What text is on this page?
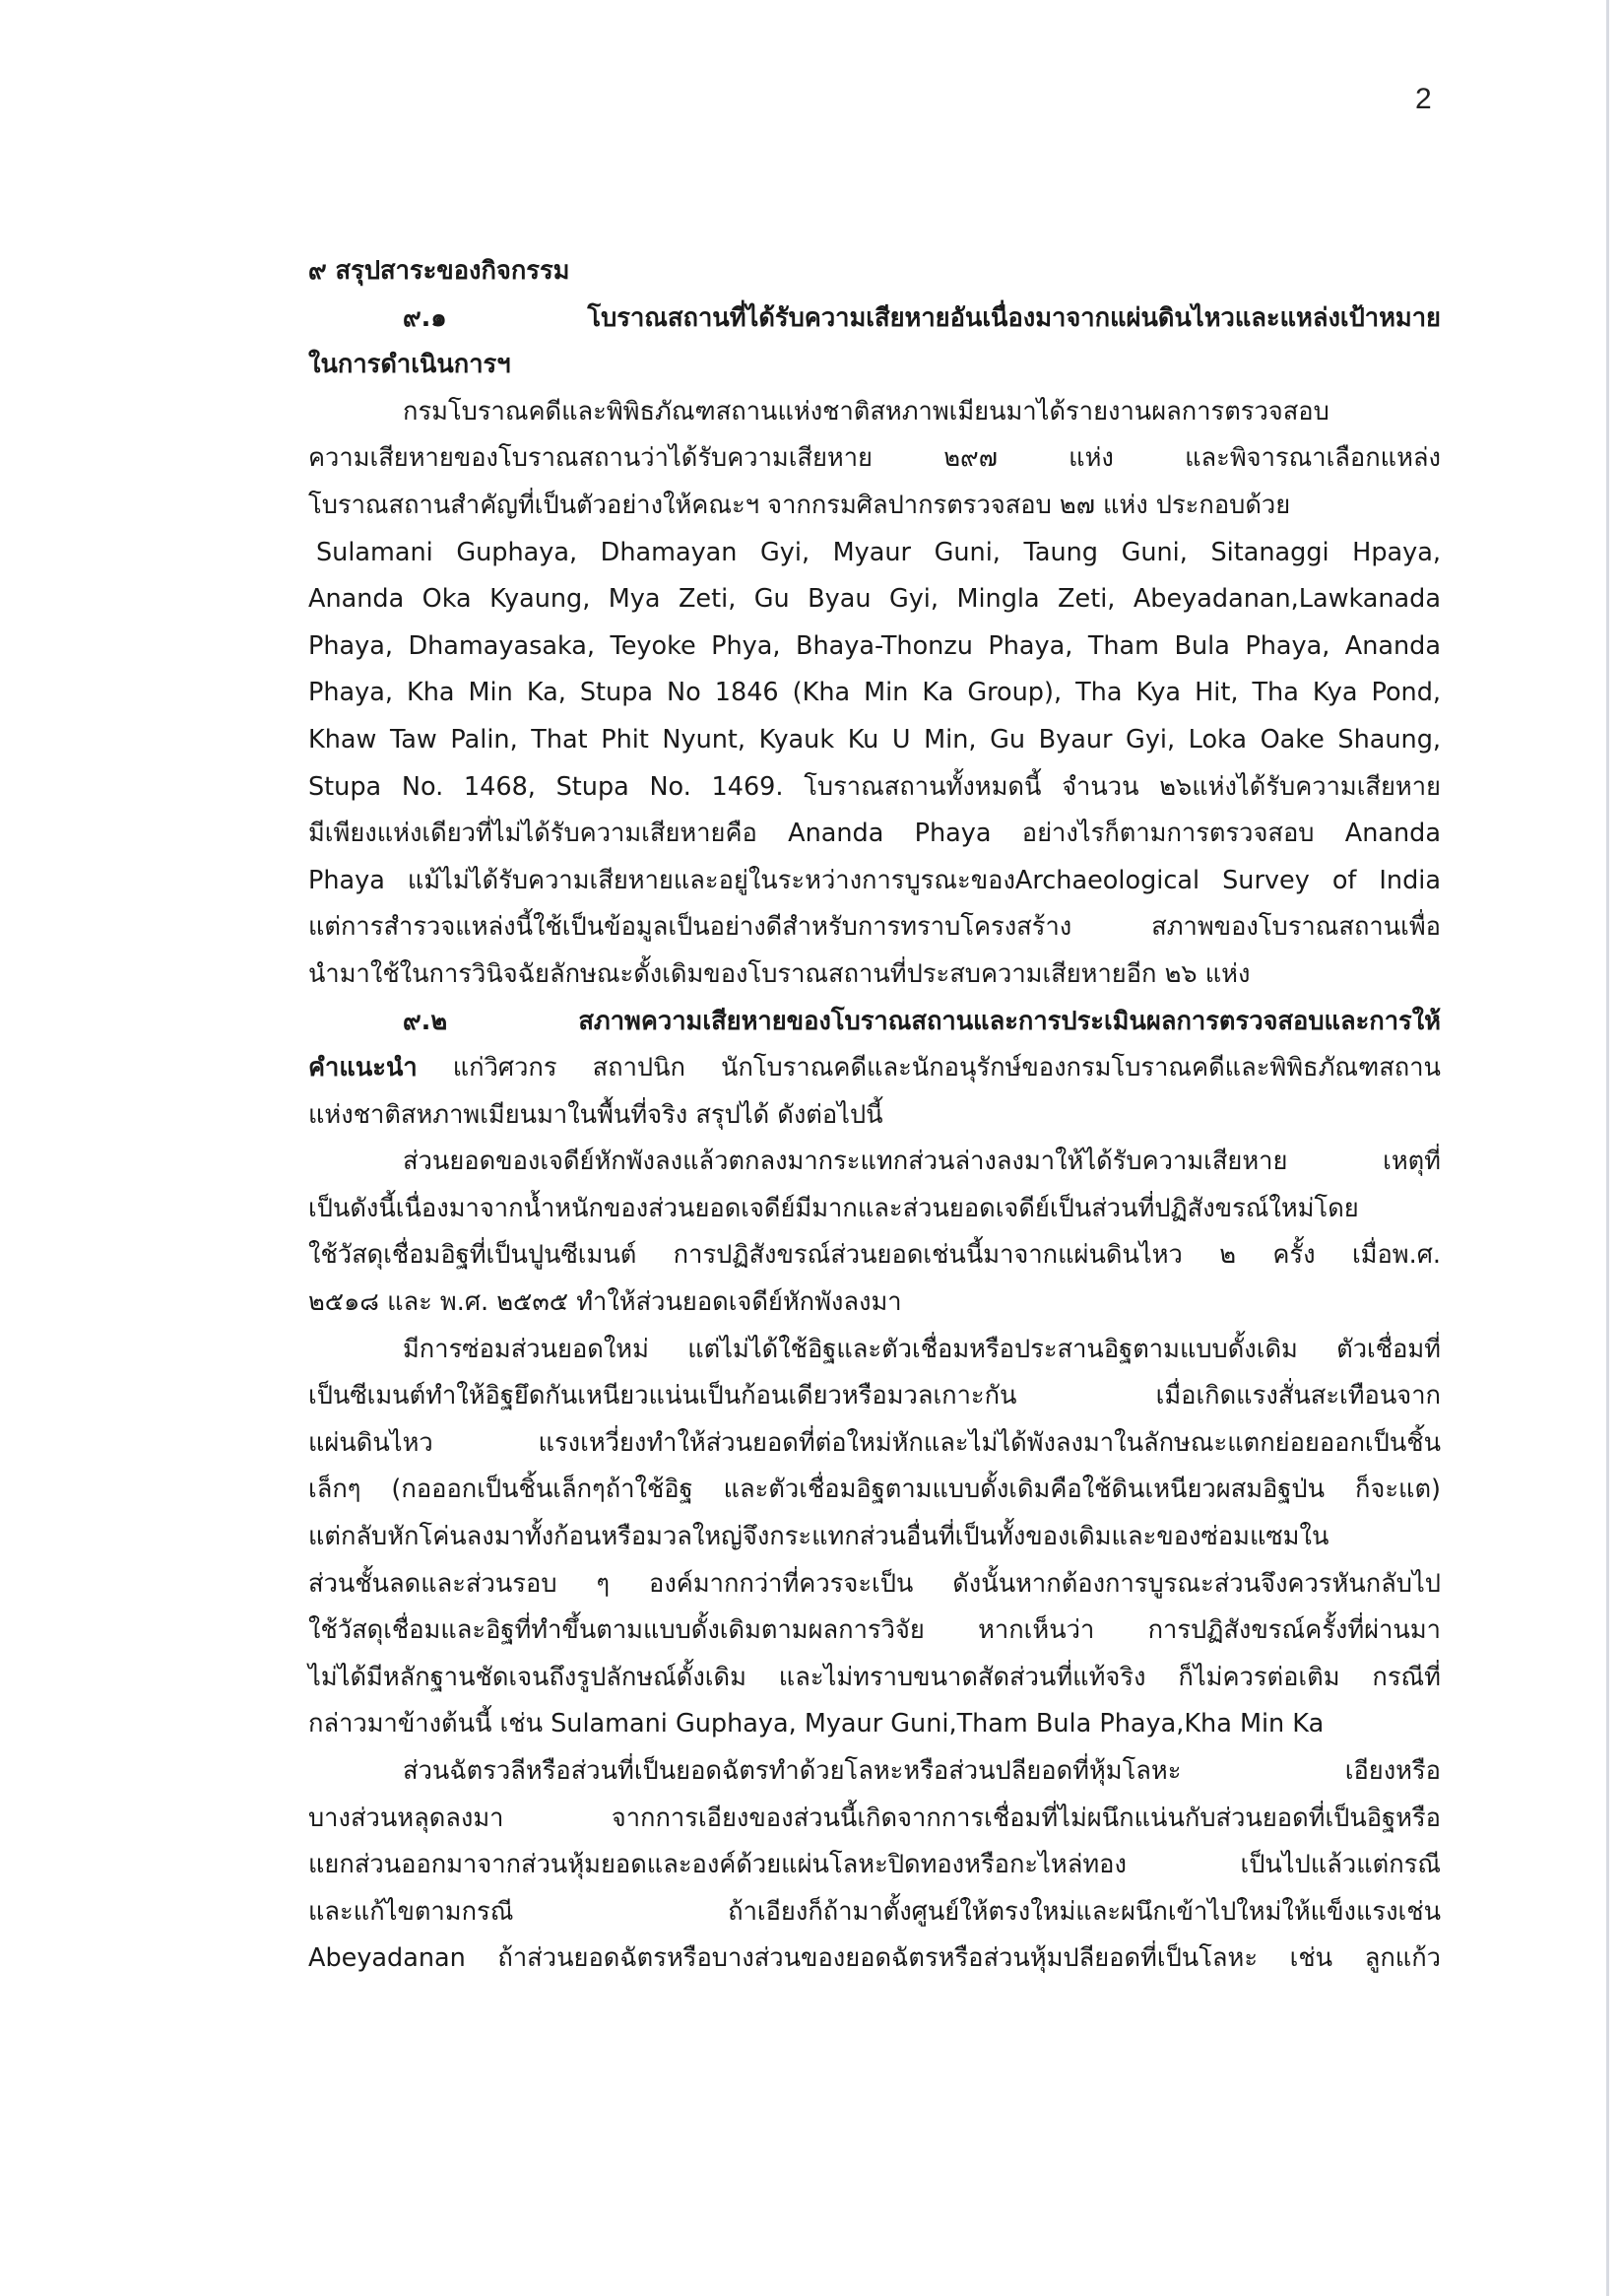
2
๙ สรุปสาระของกิจกรรม
๙.๑ โบราณสถานที่ได้รับความเสียหายอันเนื่องมาจากแผ่นดินไหวและแหล่งเป้าหมาย
ในการดำเนินการฯ
กรมโบราณคดีและพิพิธภัณฑสถานแห่งชาติสหภาพเมียนมาได้รายงานผลการตรวจสอบ
ความเสียหายของโบราณสถานว่าได้รับความเสียหาย ๒๙๗ แห่ง และพิจารณาเลือกแหล่ง
โบราณสถานสำคัญที่เป็นตัวอย่างให้คณะฯ จากกรมศิลปากรตรวจสอบ ๒๗ แห่ง ประกอบด้วย
Sulamani Guphaya, Dhamayan Gyi, Myaur Guni, Taung Guni, Sitanaggi Hpaya,
Ananda Oka Kyaung, Mya Zeti, Gu Byau Gyi, Mingla Zeti, Abeyadanan,Lawkanada
Phaya, Dhamayasaka, Teyoke Phya, Bhaya-Thonzu Phaya, Tham Bula Phaya, Ananda
Phaya, Kha Min Ka, Stupa No 1846 (Kha Min Ka Group), Tha Kya Hit, Tha Kya Pond,
Khaw Taw Palin, That Phit Nyunt, Kyauk Ku U Min, Gu Byaur Gyi, Loka Oake Shaung,
Stupa No. 1468, Stupa No. 1469. โบราณสถานทั้งหมดนี้ จำนวน ๒๖แห่งได้รับความเสียหาย
มีเพียงแห่งเดียวที่ไม่ได้รับความเสียหายคือ Ananda Phaya อย่างไรก็ตามการตรวจสอบ Ananda
Phaya แม้ไม่ได้รับความเสียหายและอยู่ในระหว่างการบูรณะของArchaeological Survey of India
แต่การสำรวจแหล่งนี้ใช้เป็นข้อมูลเป็นอย่างดีสำหรับการทราบโครงสร้าง สภาพของโบราณสถานเพื่อ
นำมาใช้ในการวินิจฉัยลักษณะดั้งเดิมของโบราณสถานที่ประสบความเสียหายอีก ๒๖ แห่ง
๙.๒ สภาพความเสียหายของโบราณสถานและการประเมินผลการตรวจสอบและการให้
คำแนะนำ แก่วิศวกร สถาปนิก นักโบราณคดีและนักอนุรักษ์ของกรมโบราณคดีและพิพิธภัณฑสถาน
แห่งชาติสหภาพเมียนมาในพื้นที่จริง สรุปได้ ดังต่อไปนี้
ส่วนยอดของเจดีย์หักพังลงแล้วตกลงมากระแทกส่วนล่างลงมาให้ได้รับความเสียหาย เหตุที่
เป็นดังนี้เนื่องมาจากน้ำหนักของส่วนยอดเจดีย์มีมากและส่วนยอดเจดีย์เป็นส่วนที่ปฏิสังขรณ์ใหม่โดย
ใช้วัสดุเชื่อมอิฐที่เป็นปูนซีเมนต์ การปฏิสังขรณ์ส่วนยอดเช่นนี้มาจากแผ่นดินไหว ๒ ครั้ง เมื่อพ.ศ.
๒๕๑๘ และ พ.ศ. ๒๕๓๕ ทำให้ส่วนยอดเจดีย์หักพังลงมา
มีการซ่อมส่วนยอดใหม่ แต่ไม่ได้ใช้อิฐและตัวเชื่อมหรือประสานอิฐตามแบบดั้งเดิม ตัวเชื่อมที่
เป็นซีเมนต์ทำให้อิฐยึดกันเหนียวแน่นเป็นก้อนเดียวหรือมวลเกาะกัน เมื่อเกิดแรงสั่นสะเทือนจาก
แผ่นดินไหว แรงเหวี่ยงทำให้ส่วนยอดที่ต่อใหม่หักและไม่ได้พังลงมาในลักษณะแตกย่อยออกเป็นชิ้น
เล็กๆ (กอออกเป็นชิ้นเล็กๆถ้าใช้อิฐ และตัวเชื่อมอิฐตามแบบดั้งเดิมคือใช้ดินเหนียวผสมอิฐป่น ก็จะแต)
แต่กลับหักโค่นลงมาทั้งก้อนหรือมวลใหญ่จึงกระแทกส่วนอื่นที่เป็นทั้งของเดิมและของซ่อมแซมใน
ส่วนชั้นลดและส่วนรอบ ๆ องค์มากกว่าที่ควรจะเป็น ดังนั้นหากต้องการบูรณะส่วนจึงควรหันกลับไป
ใช้วัสดุเชื่อมและอิฐที่ทำขึ้นตามแบบดั้งเดิมตามผลการวิจัย หากเห็นว่า การปฏิสังขรณ์ครั้งที่ผ่านมา
ไม่ได้มีหลักฐานชัดเจนถึงรูปลักษณ์ดั้งเดิม และไม่ทราบขนาดสัดส่วนที่แท้จริง ก็ไม่ควรต่อเติม กรณีที่
กล่าวมาข้างต้นนี้ เช่น Sulamani Guphaya, Myaur Guni,Tham Bula Phaya,Kha Min Ka
ส่วนฉัตรวลีหรือส่วนที่เป็นยอดฉัตรทำด้วยโลหะหรือส่วนปลียอดที่หุ้มโลหะ เอียงหรือ
บางส่วนหลุดลงมา จากการเอียงของส่วนนี้เกิดจากการเชื่อมที่ไม่ผนึกแน่นกับส่วนยอดที่เป็นอิฐหรือ
แยกส่วนออกมาจากส่วนหุ้มยอดและองค์ด้วยแผ่นโลหะปิดทองหรือกะไหล่ทอง เป็นไปแล้วแต่กรณี
และแก้ไขตามกรณี ถ้าเอียงก็ถ้ามาตั้งศูนย์ให้ตรงใหม่และผนึกเข้าไปใหม่ให้แข็งแรงเช่น
Abeyadanan ถ้าส่วนยอดฉัตรหรือบางส่วนของยอดฉัตรหรือส่วนหุ้มปลียอดที่เป็นโลหะ เช่น ลูกแก้ว
